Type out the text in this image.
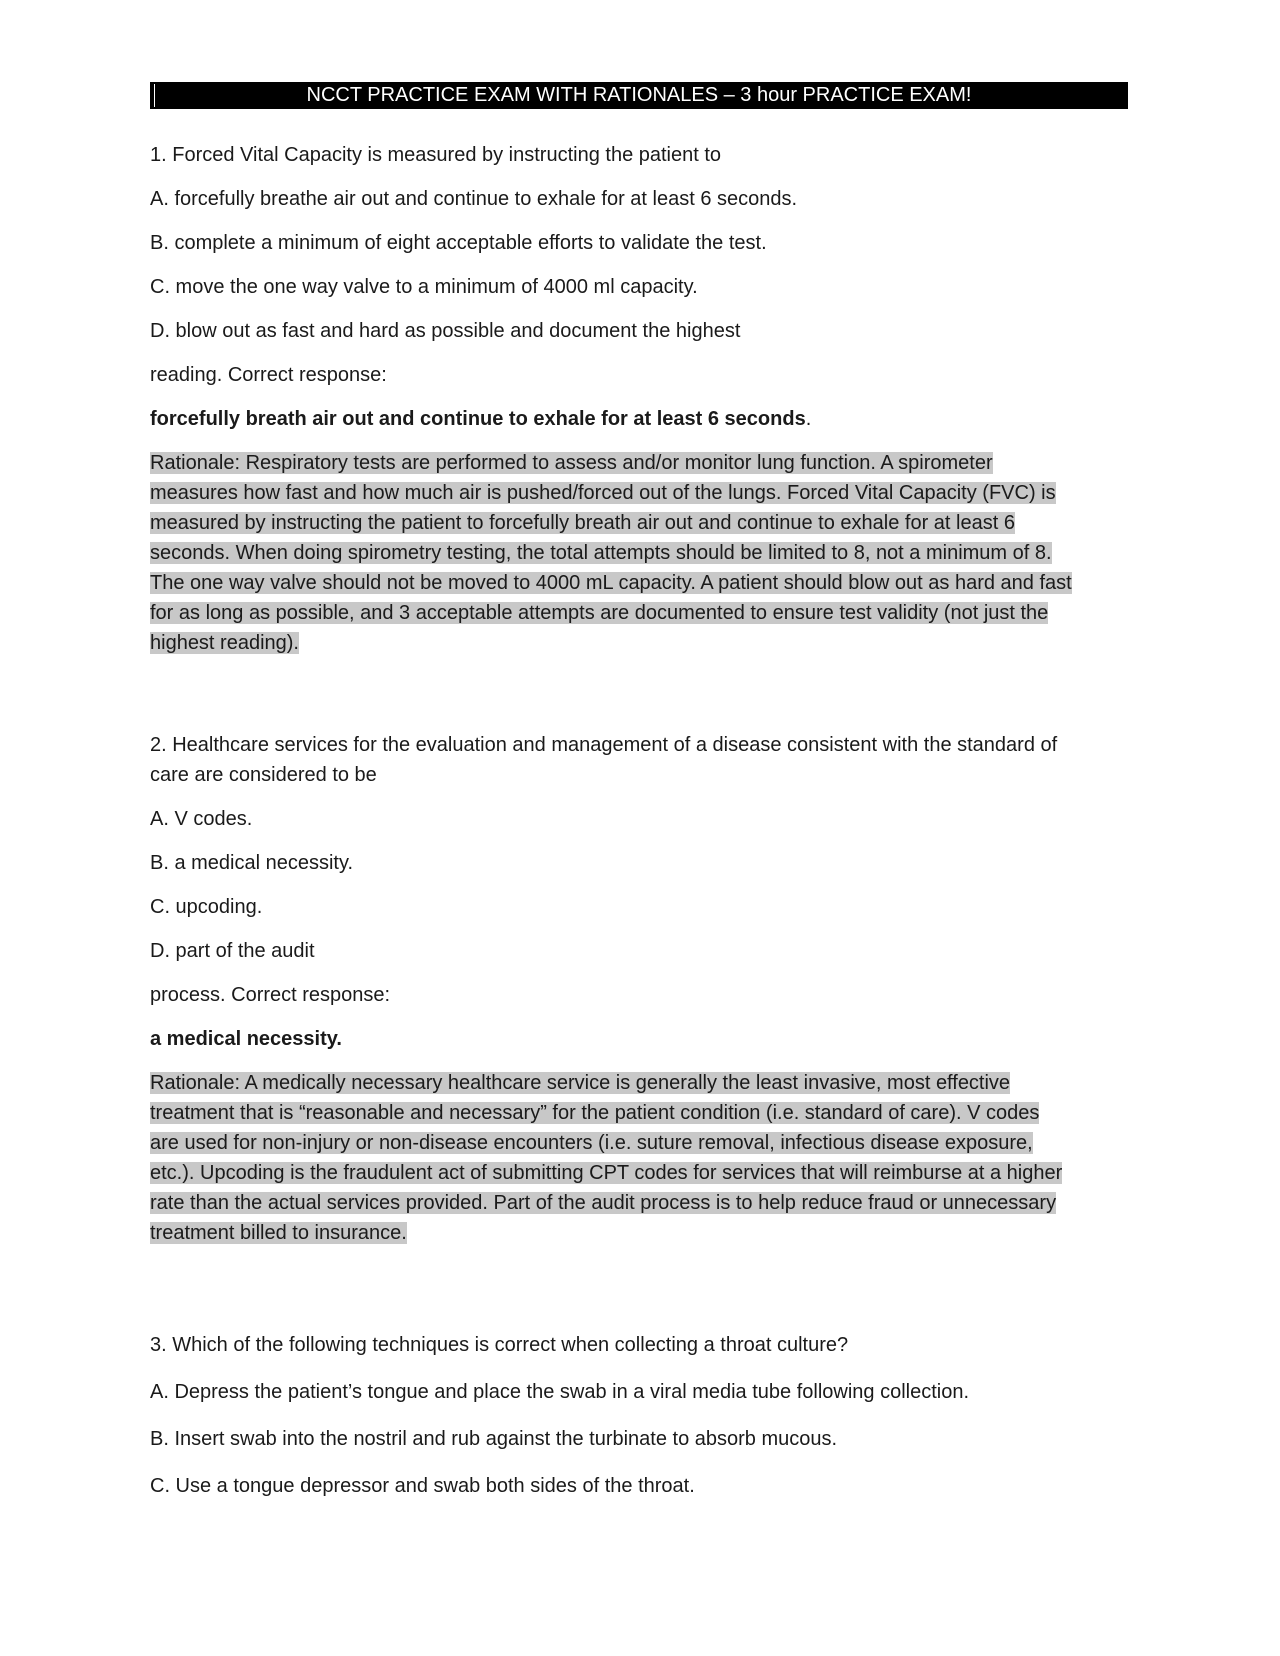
NCCT PRACTICE EXAM WITH RATIONALES – 3 hour PRACTICE EXAM!

1. Forced Vital Capacity is measured by instructing the patient to

A. forcefully breathe air out and continue to exhale for at least 6 seconds.

B. complete a minimum of eight acceptable efforts to validate the test.

C. move the one way valve to a minimum of 4000 ml capacity.

D. blow out as fast and hard as possible and document the highest

reading. Correct response:

forcefully breath air out and continue to exhale for at least 6 seconds.

Rationale: Respiratory tests are performed to assess and/or monitor lung function. A spirometer
measures how fast and how much air is pushed/forced out of the lungs. Forced Vital Capacity (FVC) is
measured by instructing the patient to forcefully breath air out and continue to exhale for at least 6
seconds. When doing spirometry testing, the total attempts should be limited to 8, not a minimum of 8.
The one way valve should not be moved to 4000 mL capacity. A patient should blow out as hard and fast
for as long as possible, and 3 acceptable attempts are documented to ensure test validity (not just the
highest reading).

2. Healthcare services for the evaluation and management of a disease consistent with the standard of care are considered to be

A. V codes.

B. a medical necessity.

C. upcoding.

D. part of the audit

process. Correct response:

a medical necessity.

Rationale: A medically necessary healthcare service is generally the least invasive, most effective
treatment that is “reasonable and necessary” for the patient condition (i.e. standard of care). V codes
are used for non-injury or non-disease encounters (i.e. suture removal, infectious disease exposure,
etc.). Upcoding is the fraudulent act of submitting CPT codes for services that will reimburse at a higher
rate than the actual services provided. Part of the audit process is to help reduce fraud or unnecessary
treatment billed to insurance.

3. Which of the following techniques is correct when collecting a throat culture?

A. Depress the patient’s tongue and place the swab in a viral media tube following collection.

B. Insert swab into the nostril and rub against the turbinate to absorb mucous.

C. Use a tongue depressor and swab both sides of the throat.
